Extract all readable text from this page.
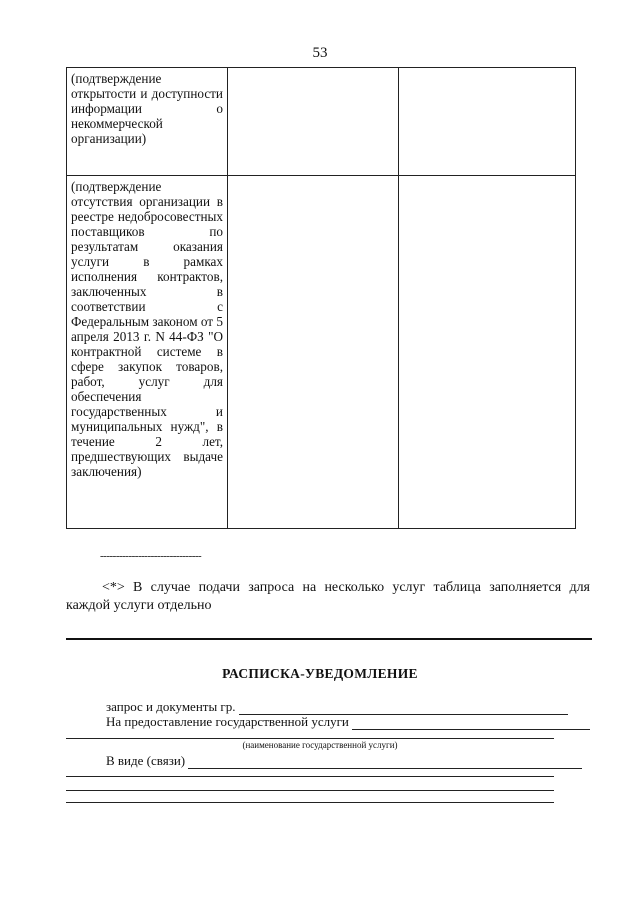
53
(подтверждение открытости и доступности информации о некоммерческой организации)		
(подтверждение отсутствия организации в реестре недобросовестных поставщиков по результатам оказания услуги в рамках исполнения контрактов, заключенных в соответствии с Федеральным законом от 5 апреля 2013 г. N 44-ФЗ "О контрактной системе в сфере закупок товаров, работ, услуг для обеспечения государственных и муниципальных нужд", в течение 2 лет, предшествующих выдаче заключения)		
--------------------------------
<*> В случае подачи запроса на несколько услуг таблица заполняется для каждой услуги отдельно
РАСПИСКА-УВЕДОМЛЕНИЕ
запрос и документы гр.
На предоставление государственной услуги
(наименование государственной услуги)
В виде (связи)
